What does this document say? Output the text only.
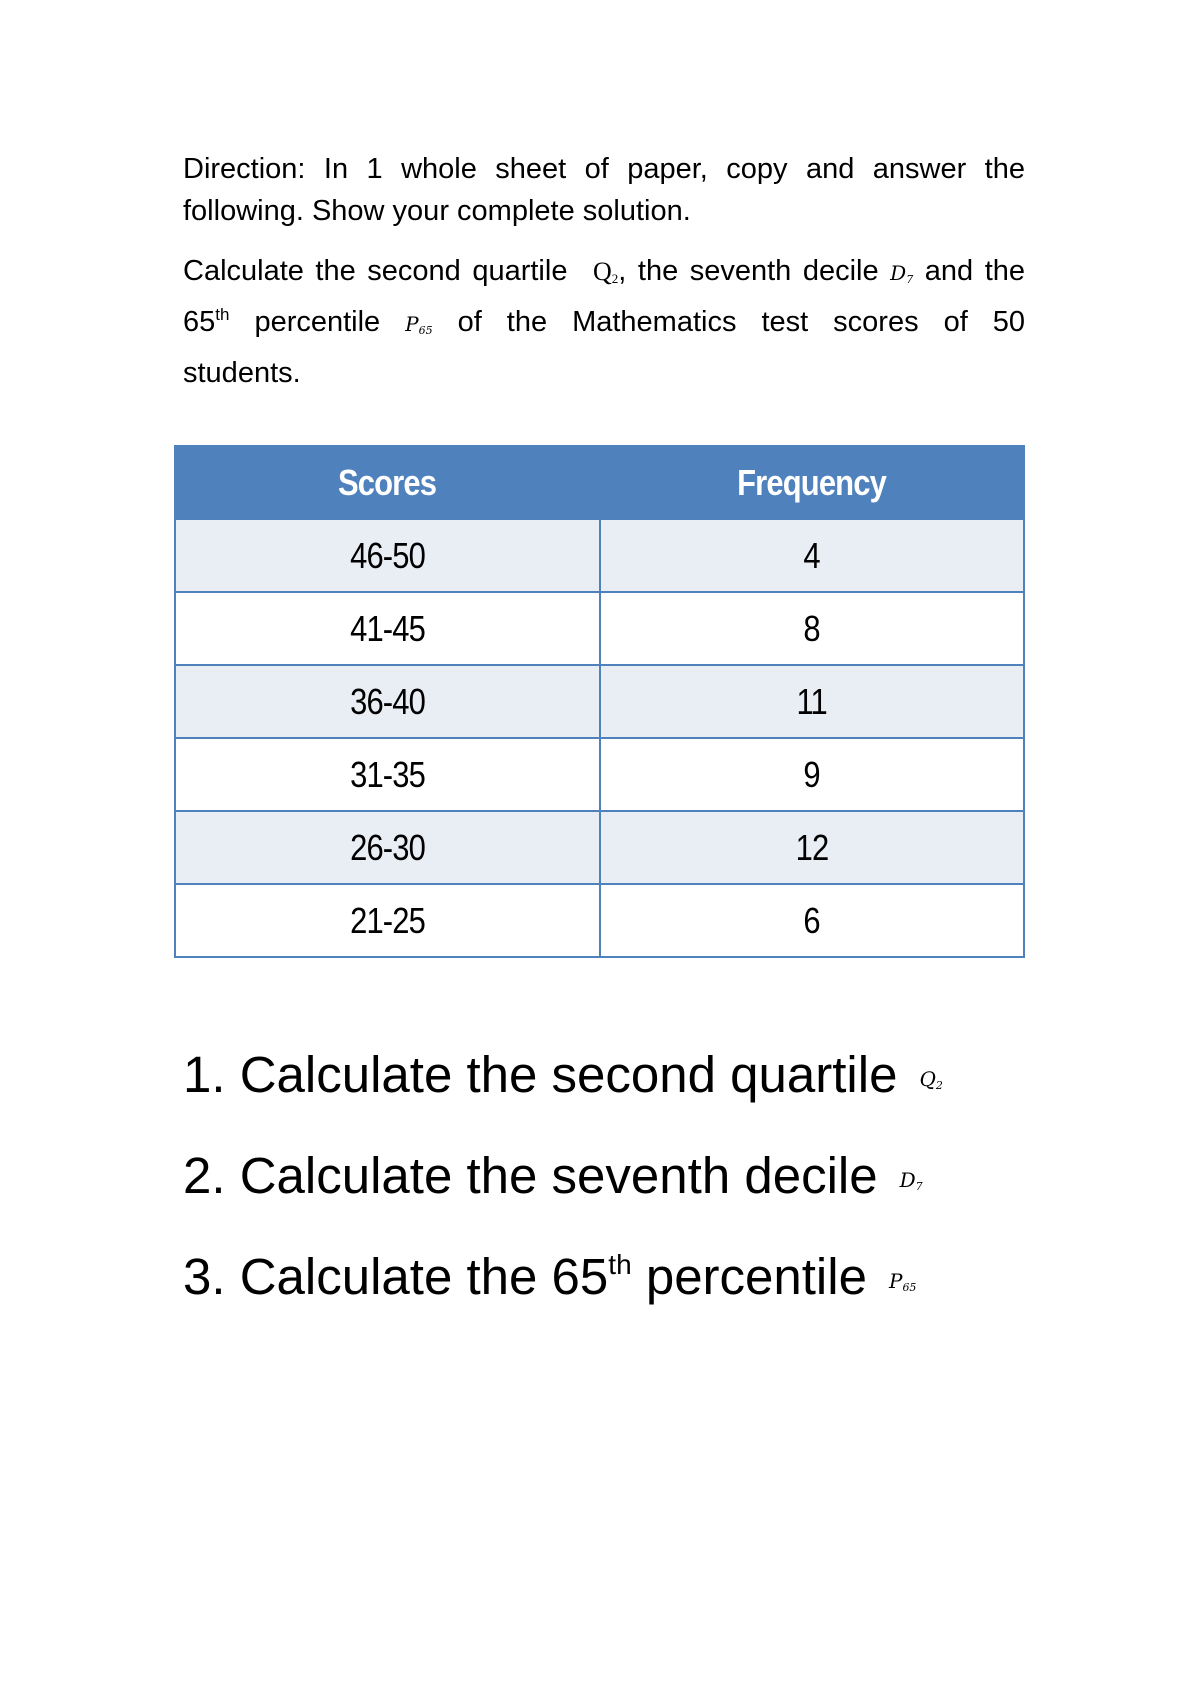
Direction: In 1 whole sheet of paper, copy and answer the following. Show your complete solution.

Calculate the second quartile $Q_2$, the seventh decile $D_7$ and the 65th percentile $P_{65}$ of the Mathematics test scores of 50 students.

Scores	Frequency
46-50	4
41-45	8
36-40	11
31-35	9
26-30	12
21-25	6
1. Calculate the second quartile $Q_2$
2. Calculate the seventh decile $D_7$
3. Calculate the 65th percentile $P_{65}$
